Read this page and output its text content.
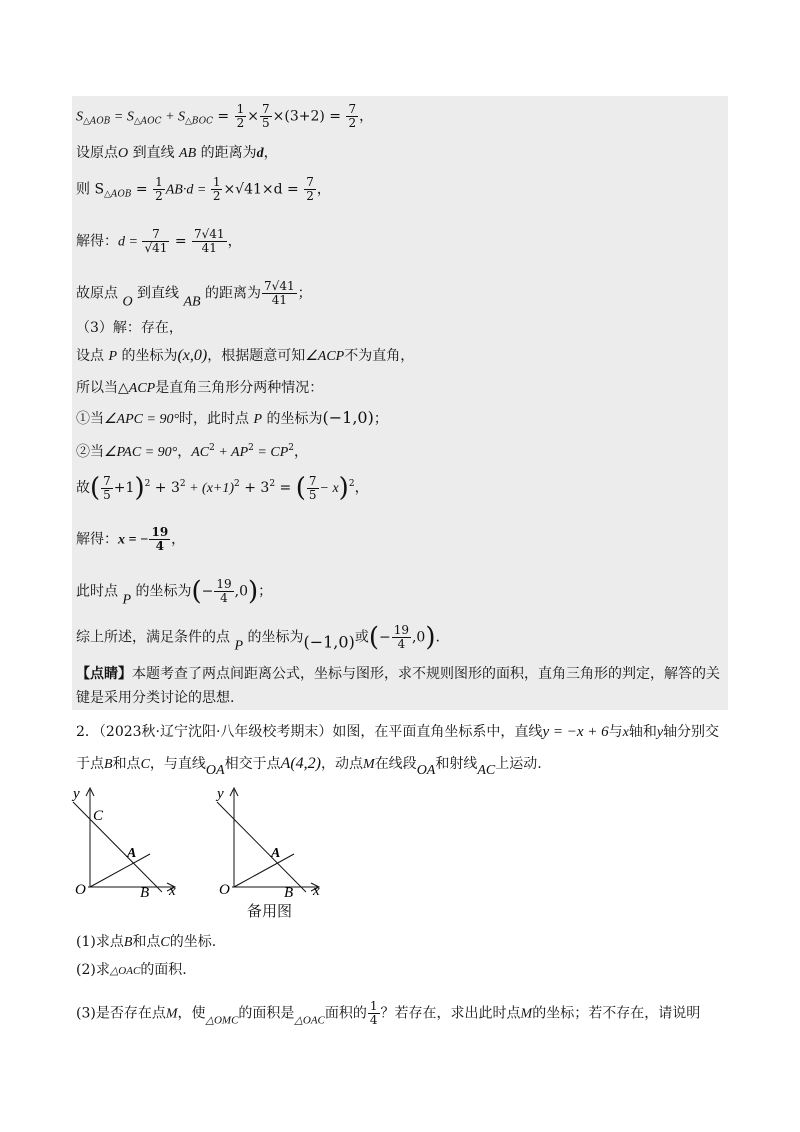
$S_{\triangle AOB} = S_{\triangle AOC} + S_{\triangle BOC} = \frac{1}{2} \times \frac{7}{5} \times(3+2) = \frac{7}{2}$ ，
设原点O 到直线 AB 的距离为d，
则 $S_{\triangle AOB} = \frac{1}{2} AB\cdot d = \frac{1}{2} \times√41\times d = \frac{7}{2}$ ，
解得：$d = \frac{7}{√41} = \frac{7√41}{41}$ ，
故原点 O 到直线 AB 的距离为 $\frac{7√41}{41}$ ；
（3）解：存在，
设点 P 的坐标为(x,0)，根据题意可知∠ACP不为直角，
所以当△ACP是直角三角形分两种情况：
①当∠APC = 90°时，此时点 P 的坐标为(−1,0)；
②当∠PAC = 90°，$AC^2 + AP^2 = CP^2$，
故( $\frac{7}{5} +1)^2 + 3^2 + (x+1)^2 + 3^2$ = ( $\frac{7}{5} - x)^2$，
解得：x = − $\frac{19}{4}$ ，
此时点 P 的坐标为(− $\frac{19}{4} ,0$)；
综上所述，满足条件的点 P 的坐标为(−1,0)或(− $\frac{19}{4} ,0$).
【点睛】本题考查了两点间距离公式，坐标与图形，求不规则图形的面积，直角三角形的判定，解答的关
键是采用分类讨论的思想.
2．（2023秋·辽宁沈阳·八年级校考期末）如图，在平面直角坐标系中，直线y = −x + 6与x轴和y轴分别交
于点B和点C，与直线OA相交于点A(4,2)，动点M在线段OA和射线AC上运动.
y
x
C
A
O	B
y
x
A
O	B
备用图
(1)求点B和点C的坐标.
(2)求△OAC的面积.
(3)是否存在点M，使$_{\triangle OMC}$的面积是$_{\triangle OAC}$面积的 $\frac{1}{4}$ ？若存在，求出此时点M的坐标；若不存在，请说明
